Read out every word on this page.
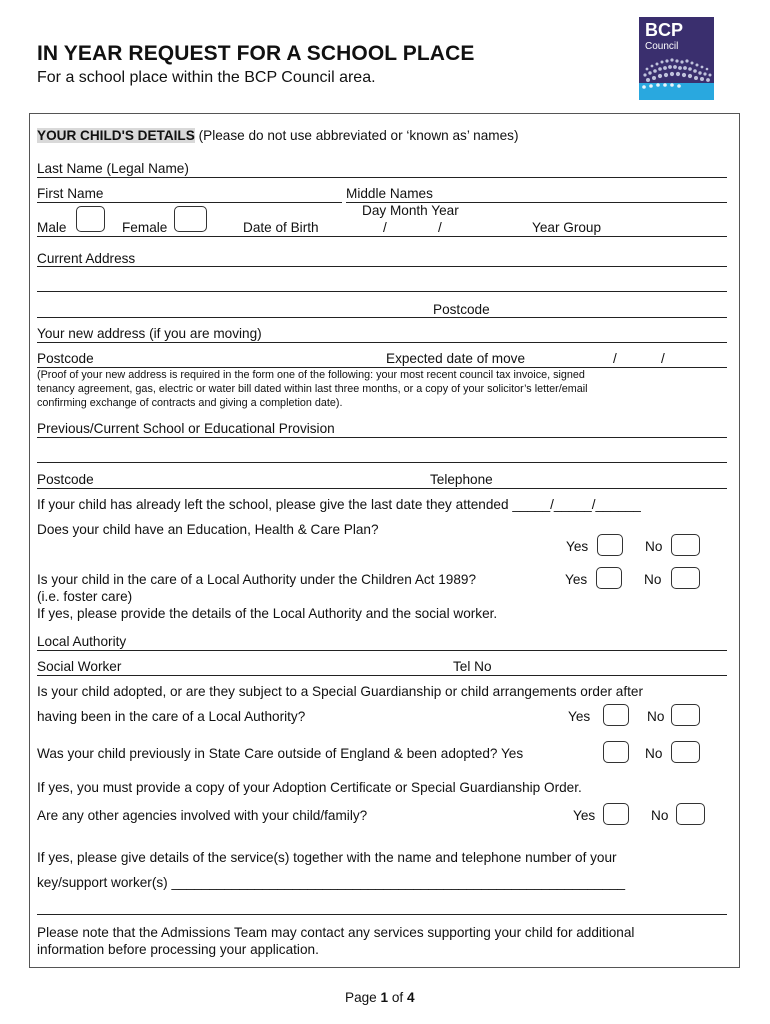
IN YEAR REQUEST FOR A SCHOOL PLACE
For a school place within the BCP Council area.
BCP
Council
YOUR CHILD'S DETAILS (Please do not use abbreviated or ‘known as’ names)
Last Name (Legal Name)
First Name	Middle Names
Day Month Year
Male	Female	Date of Birth	/	/	Year Group
Current Address
Postcode
Your new address (if you are moving)
Postcode	Expected date of move	/	/
(Proof of your new address is required in the form one of the following: your most recent council tax invoice, signed
tenancy agreement, gas, electric or water bill dated within last three months, or a copy of your solicitor’s letter/email
confirming exchange of contracts and giving a completion date).
Previous/Current School or Educational Provision
Postcode	Telephone
If your child has already left the school, please give the last date they attended _____/_____/______
Does your child have an Education, Health & Care Plan?
Yes	No
Is your child in the care of a Local Authority under the Children Act 1989?	Yes	No
(i.e. foster care)
If yes, please provide the details of the Local Authority and the social worker.
Local Authority
Social Worker	Tel No
Is your child adopted, or are they subject to a Special Guardianship or child arrangements order after
having been in the care of a Local Authority?	Yes	No
Was your child previously in State Care outside of England & been adopted? Yes	No
If yes, you must provide a copy of your Adoption Certificate or Special Guardianship Order.
Are any other agencies involved with your child/family?	Yes	No
If yes, please give details of the service(s) together with the name and telephone number of your
key/support worker(s) ____________________________________________________________
Please note that the Admissions Team may contact any services supporting your child for additional
information before processing your application.
Page 1 of 4
